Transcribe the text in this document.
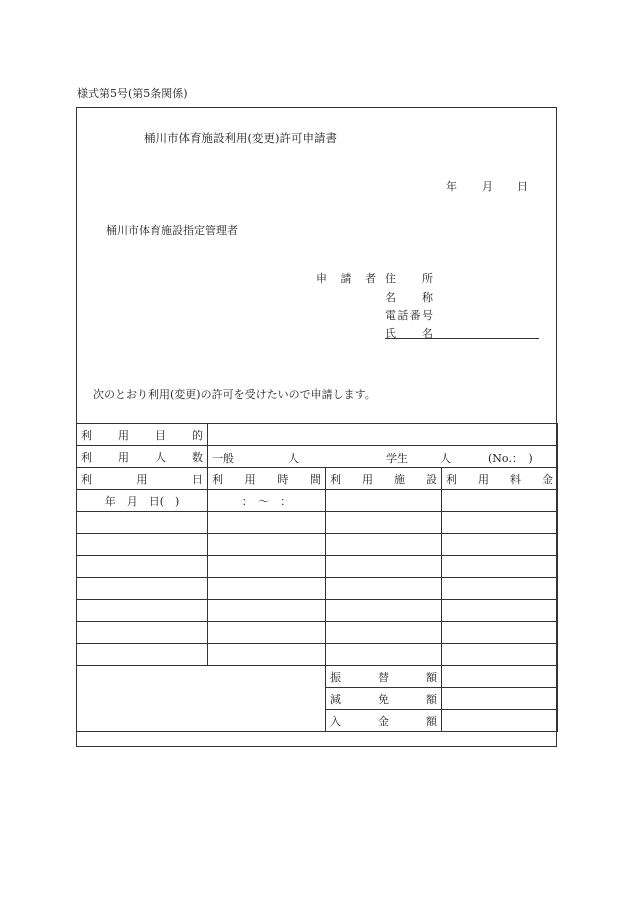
様式第5号(第5条関係)
桶川市体育施設利用(変更)許可申請書
年 月 日
桶川市体育施設指定管理者
申 請 者 住　所
名　称
電話番号
氏　名
次のとおり利用(変更)の許可を受けたいので申請します。
利用目的			
利用人数	一般 人 学生 人 (No.：　)		

利用日	利用時間	利用施設	利用料金
年　月　日(　)	：　～　：		

		振替額	
		減免額	
		入金額	
